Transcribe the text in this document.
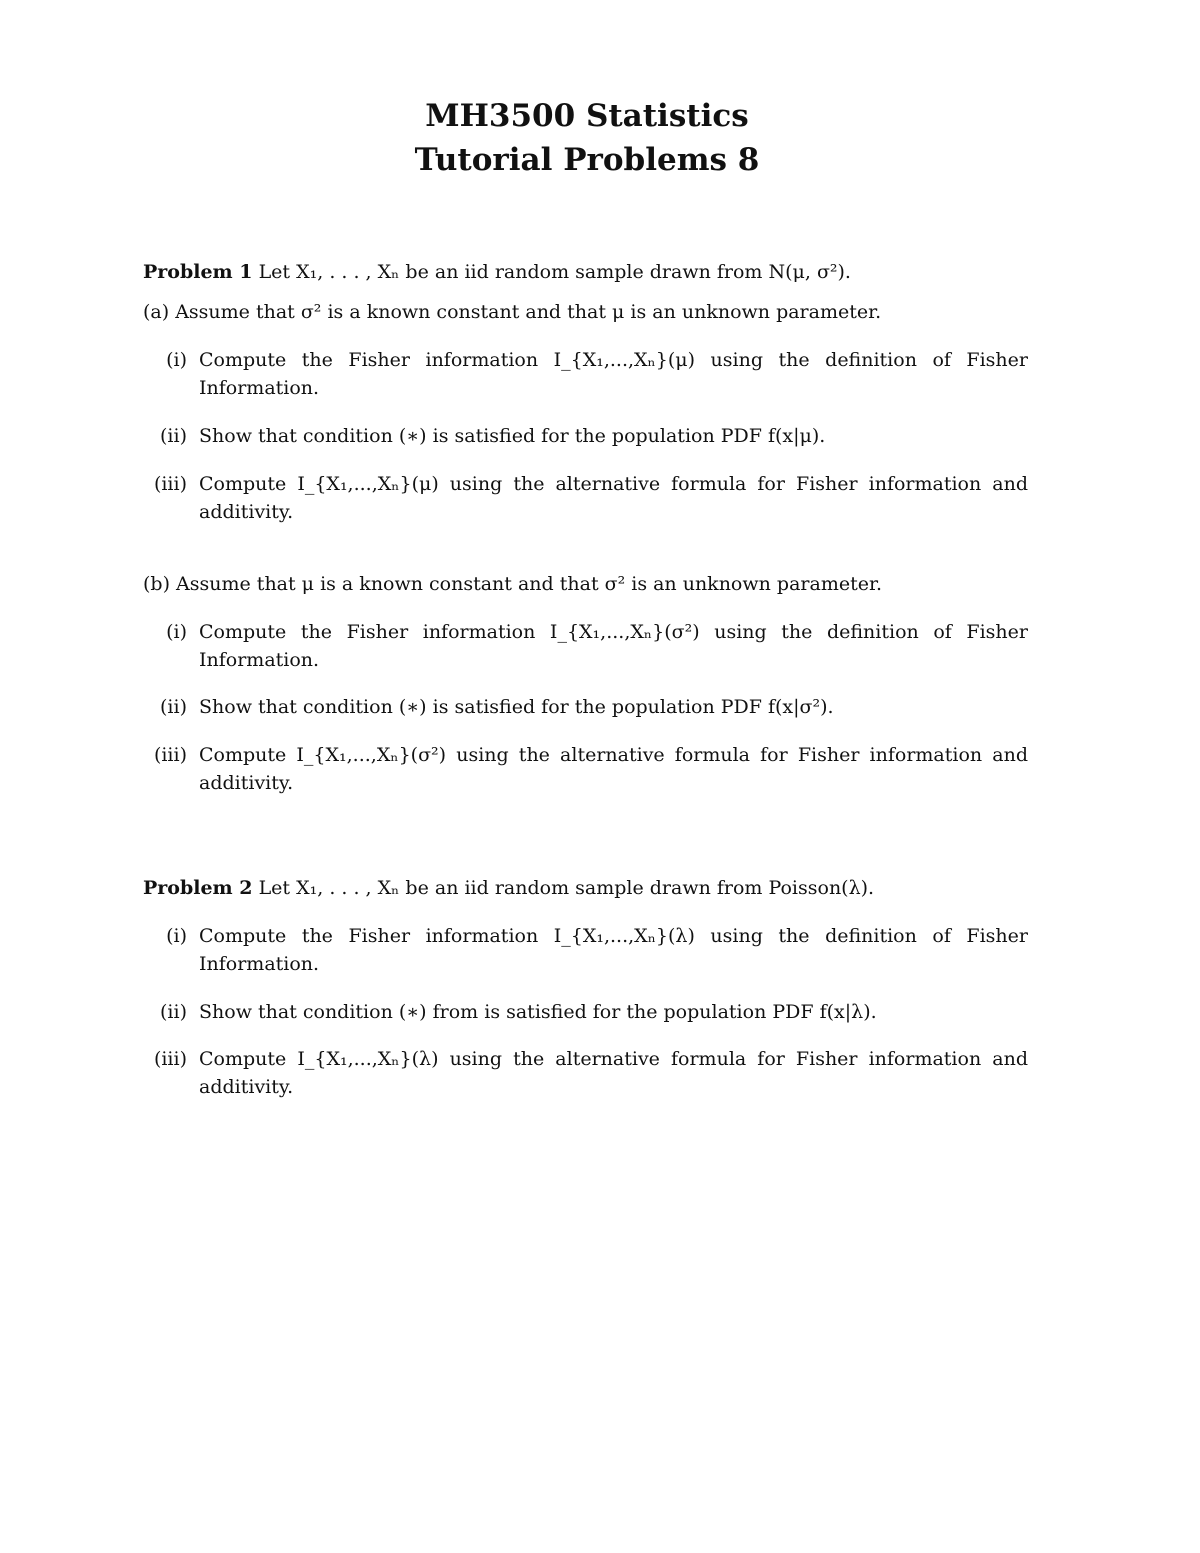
MH3500 Statistics
Tutorial Problems 8

Problem 1 Let X₁, . . . , Xₙ be an iid random sample drawn from N(μ, σ²).

(a) Assume that σ² is a known constant and that μ is an unknown parameter.

(i) Compute the Fisher information I_{X₁,...,Xₙ}(μ) using the definition of Fisher Information.
(ii) Show that condition (∗) is satisfied for the population PDF f(x|μ).
(iii) Compute I_{X₁,...,Xₙ}(μ) using the alternative formula for Fisher information and additivity.

(b) Assume that μ is a known constant and that σ² is an unknown parameter.

(i) Compute the Fisher information I_{X₁,...,Xₙ}(σ²) using the definition of Fisher Information.
(ii) Show that condition (∗) is satisfied for the population PDF f(x|σ²).
(iii) Compute I_{X₁,...,Xₙ}(σ²) using the alternative formula for Fisher information and additivity.

Problem 2 Let X₁, . . . , Xₙ be an iid random sample drawn from Poisson(λ).

(i) Compute the Fisher information I_{X₁,...,Xₙ}(λ) using the definition of Fisher Information.
(ii) Show that condition (∗) from is satisfied for the population PDF f(x|λ).
(iii) Compute I_{X₁,...,Xₙ}(λ) using the alternative formula for Fisher information and additivity.
